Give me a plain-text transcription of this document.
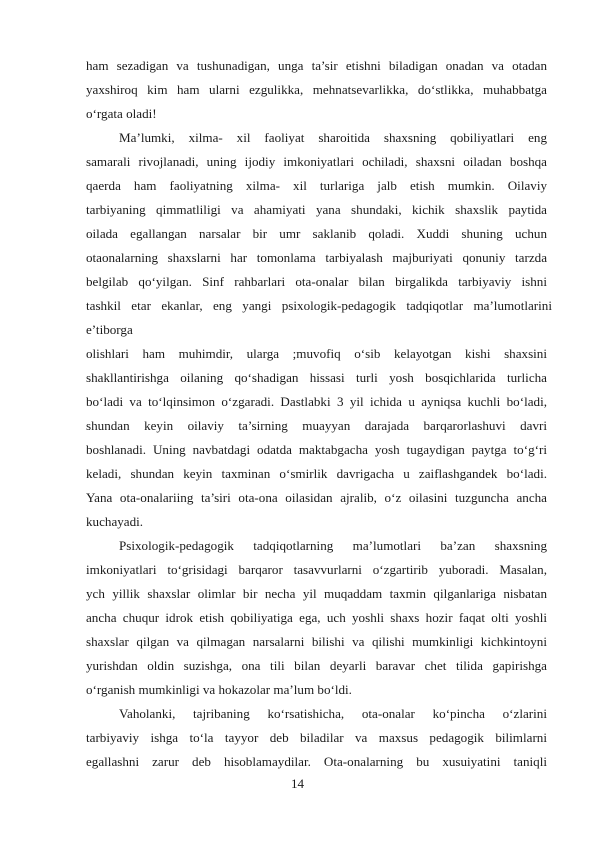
ham sezadigan va tushunadigan, unga ta’sir etishni biladigan onadan va otadan
yaxshiroq kim ham ularni ezgulikka, mehnatsevarlikka, do‘stlikka, muhabbatga
o‘rgata oladi!
Ma’lumki, xilma- xil faoliyat sharoitida shaxsning qobiliyatlari eng
samarali rivojlanadi, uning ijodiy imkoniyatlari ochiladi, shaxsni oiladan boshqa
qaerda ham faoliyatning xilma- xil turlariga jalb etish mumkin. Oilaviy
tarbiyaning qimmatliligi va ahamiyati yana shundaki, kichik shaxslik paytida
oilada egallangan narsalar bir umr saklanib qoladi. Xuddi shuning uchun
otaonalarning shaxslarni har tomonlama tarbiyalash majburiyati qonuniy tarzda
belgilab qo‘yilgan. Sinf rahbarlari ota-onalar bilan birgalikda tarbiyaviy ishni
tashkil etar ekanlar, eng yangi psixologik-pedagogik tadqiqotlar ma’lumotlarini
e’tiborga
olishlari ham muhimdir, ularga ;muvofiq o‘sib kelayotgan kishi shaxsini
shakllantirishga oilaning qo‘shadigan hissasi turli yosh bosqichlarida turlicha
bo‘ladi va to‘lqinsimon o‘zgaradi. Dastlabki 3 yil ichida u ayniqsa kuchli bo‘ladi,
shundan keyin oilaviy ta’sirning muayyan darajada barqarorlashuvi davri
boshlanadi. Uning navbatdagi odatda maktabgacha yosh tugaydigan paytga to‘g‘ri
keladi, shundan keyin taxminan o‘smirlik davrigacha u zaiflashgandek bo‘ladi.
Yana ota-onalariing ta’siri ota-ona oilasidan ajralib, o‘z oilasini tuzguncha ancha
kuchayadi.
Psixologik-pedagogik tadqiqotlarning ma’lumotlari ba’zan shaxsning
imkoniyatlari to‘grisidagi barqaror tasavvurlarni o‘zgartirib yuboradi. Masalan,
ych yillik shaxslar olimlar bir necha yil muqaddam taxmin qilganlariga nisbatan
ancha chuqur idrok etish qobiliyatiga ega, uch yoshli shaxs hozir faqat olti yoshli
shaxslar qilgan va qilmagan narsalarni bilishi va qilishi mumkinligi kichkintoyni
yurishdan oldin suzishga, ona tili bilan deyarli baravar chet tilida gapirishga
o‘rganish mumkinligi va hokazolar ma’lum bo‘ldi.
Vaholanki, tajribaning ko‘rsatishicha, ota-onalar ko‘pincha o‘zlarini
tarbiyaviy ishga to‘la tayyor deb biladilar va maxsus pedagogik bilimlarni
egallashni zarur deb hisoblamaydilar. Ota-onalarning bu xusuiyatini taniqli
14
